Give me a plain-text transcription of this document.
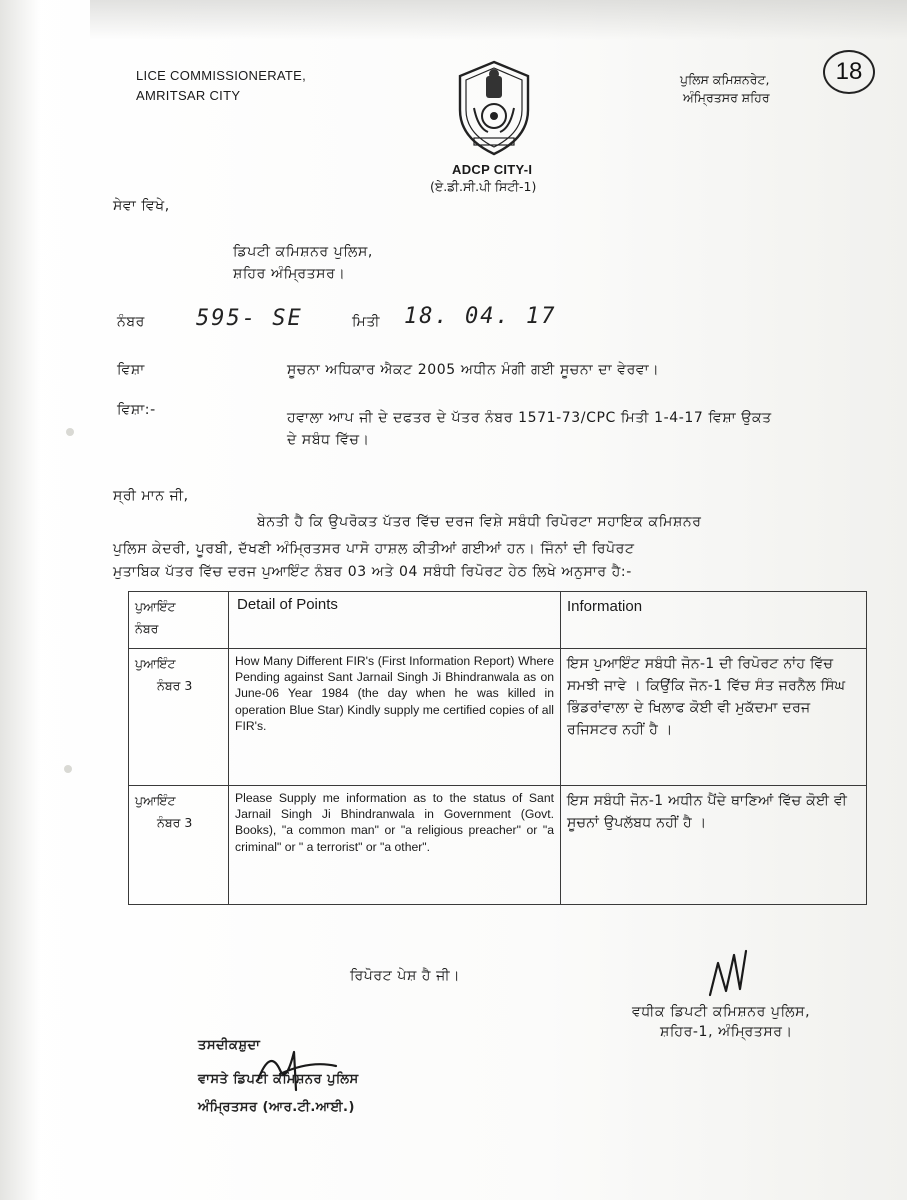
LICE COMMISSIONERATE,
AMRITSAR CITY
ADCP CITY-I
(ਏ.ਡੀ.ਸੀ.ਪੀ ਸਿਟੀ-1)
ਪੁਲਿਸ ਕਮਿਸ਼ਨਰੇਟ,
ਅੰਮ੍ਰਿਤਸਰ ਸ਼ਹਿਰ
18
ਸੇਵਾ ਵਿਖੇ,
ਡਿਪਟੀ ਕਮਿਸ਼ਨਰ ਪੁਲਿਸ,
ਸ਼ਹਿਰ ਅੰਮ੍ਰਿਤਸਰ।
ਨੰਬਰ 595- SE	ਮਿਤੀ 18. 04. 17
ਵਿਸ਼ਾ	ਸੂਚਨਾ ਅਧਿਕਾਰ ਐਕਟ 2005 ਅਧੀਨ ਮੰਗੀ ਗਈ ਸੂਚਨਾ ਦਾ ਵੇਰਵਾ।
ਵਿਸ਼ਾ:-	ਹਵਾਲਾ ਆਪ ਜੀ ਦੇ ਦਫਤਰ ਦੇ ਪੱਤਰ ਨੰਬਰ 1571-73/CPC ਮਿਤੀ 1-4-17 ਵਿਸ਼ਾ ਉਕਤ
ਦੇ ਸਬੰਧ ਵਿੱਚ।
ਸ੍ਰੀ ਮਾਨ ਜੀ,
ਬੇਨਤੀ ਹੈ ਕਿ ਉਪਰੋਕਤ ਪੱਤਰ ਵਿੱਚ ਦਰਜ ਵਿਸ਼ੇ ਸਬੰਧੀ ਰਿਪੋਰਟਾ ਸਹਾਇਕ ਕਮਿਸ਼ਨਰ
ਪੁਲਿਸ ਕੇਦਰੀ, ਪੂਰਬੀ, ਦੱਖਣੀ ਅੰਮ੍ਰਿਤਸਰ ਪਾਸੋ ਹਾਸ਼ਲ ਕੀਤੀਆਂ ਗਈਆਂ ਹਨ। ਜਿੰਨਾਂ ਦੀ ਰਿਪੋਰਟ
ਮੁਤਾਬਿਕ ਪੱਤਰ ਵਿੱਚ ਦਰਜ ਪੁਆਇੰਟ ਨੰਬਰ 03 ਅਤੇ 04 ਸਬੰਧੀ ਰਿਪੋਰਟ ਹੇਠ ਲਿਖੇ ਅਨੁਸਾਰ ਹੈ:-
ਪੁਆਇੰਟ
ਨੰਬਰ	Detail of Points	Information

ਪੁਆਇੰਟ
ਨੰਬਰ 3	How Many Different FIR's (First Information Report) Where Pending against Sant Jarnail Singh Ji Bhindranwala as on June-06 Year 1984 (the day when he was killed in operation Blue Star) Kindly supply me certified copies of all FIR's.	ਇਸ ਪੁਆਇੰਟ ਸਬੰਧੀ ਜੋਨ-1 ਦੀ ਰਿਪੋਰਟ ਨਾਂਹ ਵਿੱਚ ਸਮਝੀ ਜਾਵੇ । ਕਿਉਂਕਿ ਜੋਨ-1 ਵਿੱਚ ਸੰਤ ਜਰਨੈਲ ਸਿੰਘ ਭਿੰਡਰਾਂਵਾਲਾ ਦੇ ਖਿਲਾਫ ਕੋਈ ਵੀ ਮੁਕੱਦਮਾ ਦਰਜ ਰਜਿਸਟਰ ਨਹੀਂ ਹੈ ।

ਪੁਆਇੰਟ
ਨੰਬਰ 3	Please Supply me information as to the status of Sant Jarnail Singh Ji Bhindranwala in Government (Govt. Books), "a common man" or "a religious preacher" or "a criminal" or " a terrorist" or "a other".	ਇਸ ਸਬੰਧੀ ਜੋਨ-1 ਅਧੀਨ ਪੈਂਦੇ ਥਾਣਿਆਂ ਵਿੱਚ ਕੋਈ ਵੀ ਸੂਚਨਾਂ ਉਪਲੱਬਧ ਨਹੀਂ ਹੈ ।
ਰਿਪੋਰਟ ਪੇਸ਼ ਹੈ ਜੀ।
ਵਧੀਕ ਡਿਪਟੀ ਕਮਿਸ਼ਨਰ ਪੁਲਿਸ,
ਸ਼ਹਿਰ-1, ਅੰਮ੍ਰਿਤਸਰ।
ਤਸਦੀਕਸ਼ੁਦਾ
ਵਾਸਤੇ ਡਿਪਟੀ ਕਮਿਸ਼ਨਰ ਪੁਲਿਸ
ਅੰਮ੍ਰਿਤਸਰ (ਆਰ.ਟੀ.ਆਈ.)
